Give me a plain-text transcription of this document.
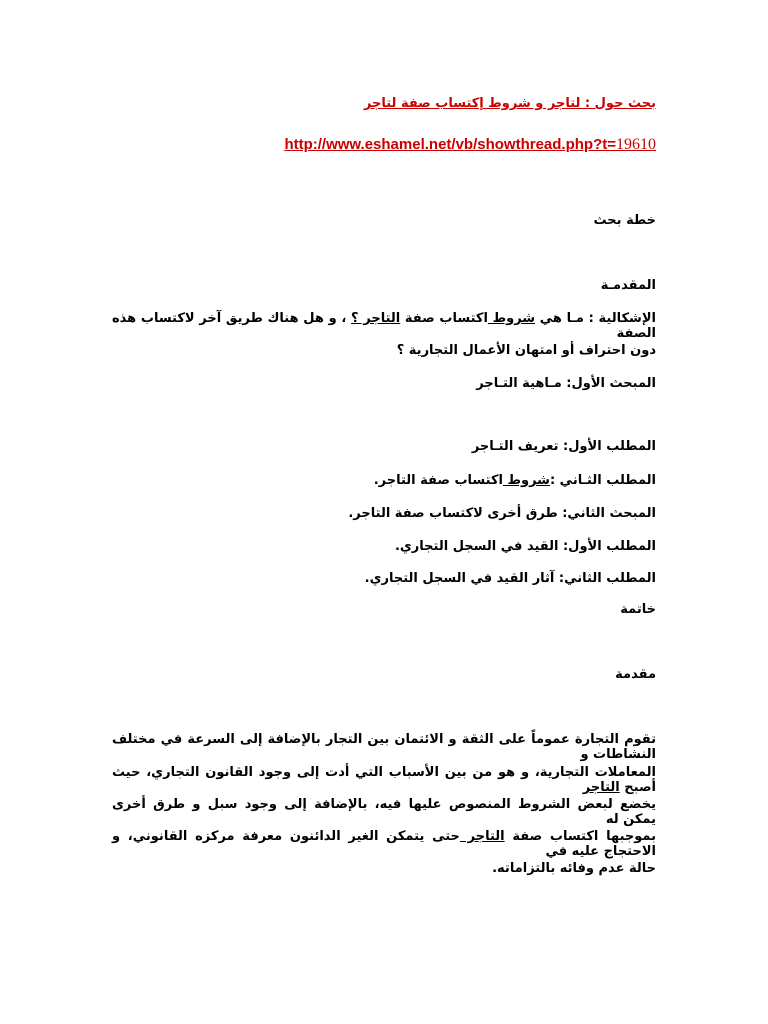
بحث حول : لتاجر و شروط إكتساب صفة لتاجر
http://www.eshamel.net/vb/showthread.php?t=19610
خطة بحث
المقدمـة
الإشكالية : مـا هي شروط اكتساب صفة التاجر ؟ ، و هل هناك طريق آخر لاكتساب هذه الصفة
دون احتراف أو امتهان الأعمال التجارية ؟
المبحث الأول: مـاهية التـاجر
المطلب الأول: تعريف التـاجر
المطلب الثـاني :شروط اكتساب صفة التاجر.
المبحث الثاني: طرق أخرى لاكتساب صفة التاجر.
المطلب الأول: القيد في السجل التجاري.
المطلب الثاني: آثار القيد في السجل التجاري.
خاتمة
مقدمة
تقوم التجارة عموماً على الثقة و الائتمان بين التجار بالإضافة إلى السرعة في مختلف النشاطات و
المعاملات التجارية، و هو من بين الأسباب التي أدت إلى وجود القانون التجاري، حيث أصبح التاجر
يخضع لبعض الشروط المنصوص عليها فيه، بالإضافة إلى وجود سبل و طرق أخرى يمكن له
بموجبها اكتساب صفة التاجر حتى يتمكن الغير الدائنون معرفة مركزه القانوني، و الاحتجاج عليه في
حالة عدم وفائه بالتزاماته.
